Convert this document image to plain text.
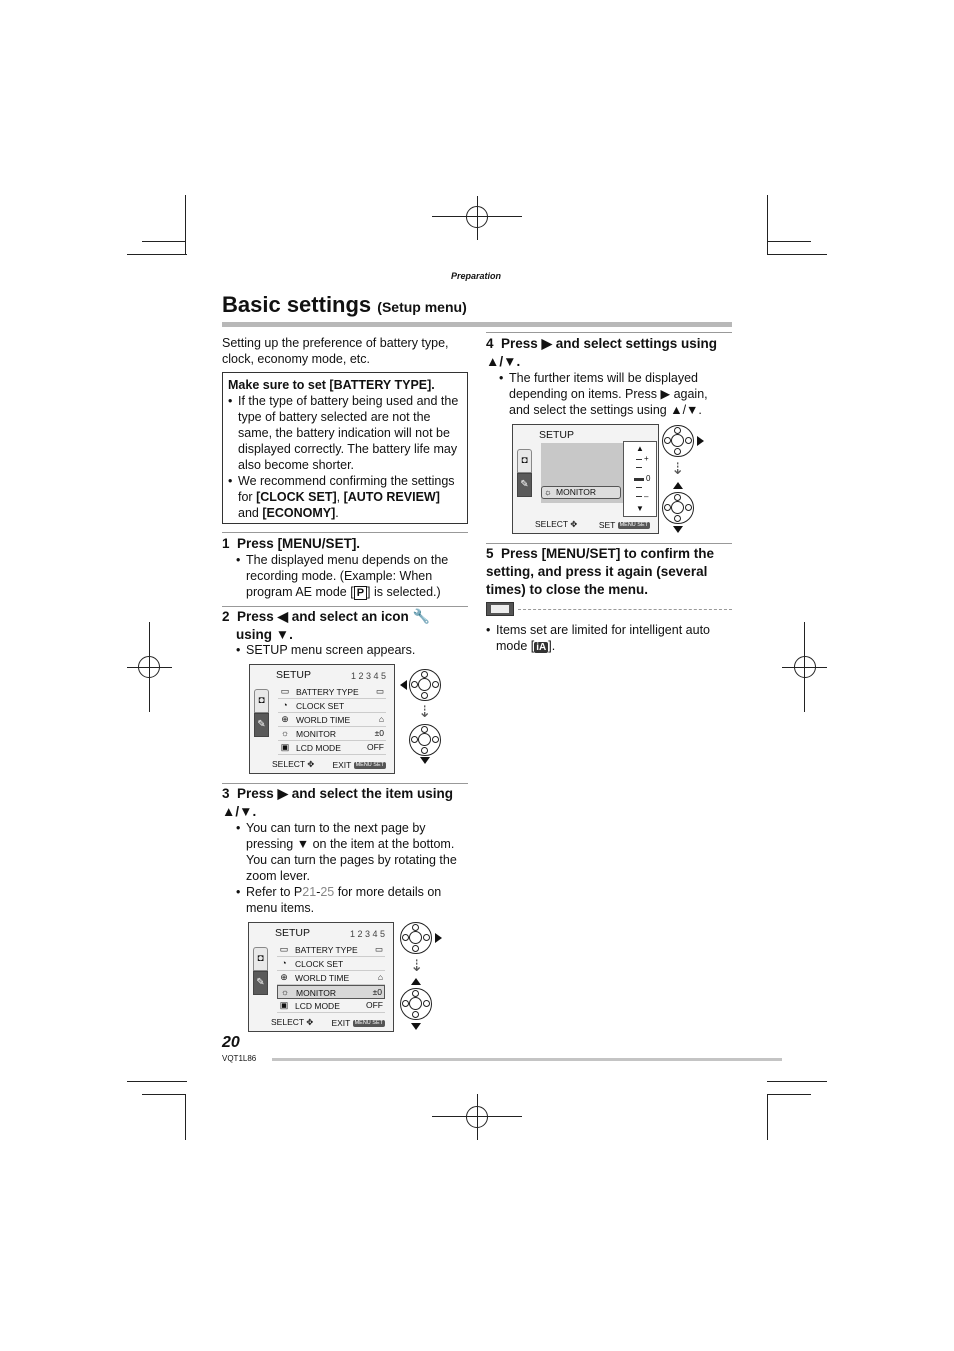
Preparation
Basic settings (Setup menu)
Setting up the preference of battery type, clock, economy mode, etc.
Make sure to set [BATTERY TYPE].
• If the type of battery being used and the type of battery selected are not the same, the battery indication will not be displayed correctly. The battery life may also become shorter.
• We recommend confirming the settings for [CLOCK SET], [AUTO REVIEW] and [ECONOMY].
1 Press [MENU/SET].
• The displayed menu depends on the recording mode. (Example: When program AE mode [ P ] is selected.)
2 Press ◀ and select an icon 🔧
using ▼.
• SETUP menu screen appears.
SETUP	1 2 3 4 5
◘
✎
▭ BATTERY TYPE ▭
◔ CLOCK SET
⊕ WORLD TIME	⌂
☼ MONITOR	±0
▣ LCD MODE	OFF
SELECT ✥ EXIT MENU SET
⇣
3 Press ▶ and select the item using ▲/▼.
• You can turn to the next page by pressing ▼ on the item at the bottom. You can turn the pages by rotating the zoom lever.
• Refer to P21-25 for more details on menu items.
SETUP	1 2 3 4 5
◘
✎
▭ BATTERY TYPE ▭
◔ CLOCK SET
⊕ WORLD TIME	⌂
☼ MONITOR	±0
▣ LCD MODE	OFF
SELECT ✥ EXIT MENU SET
⇣
4 Press ▶ and select settings using ▲/▼.
• The further items will be displayed depending on items. Press ▶ again, and select the settings using ▲/▼.
SETUP
◘
✎
☼ MONITOR
▲
+
0
–
▼
SELECT ✥	SET MENU SET
⇣
5 Press [MENU/SET] to confirm the setting, and press it again (several times) to close the menu.
• Items set are limited for intelligent auto mode [ iA ].
20
VQT1L86
